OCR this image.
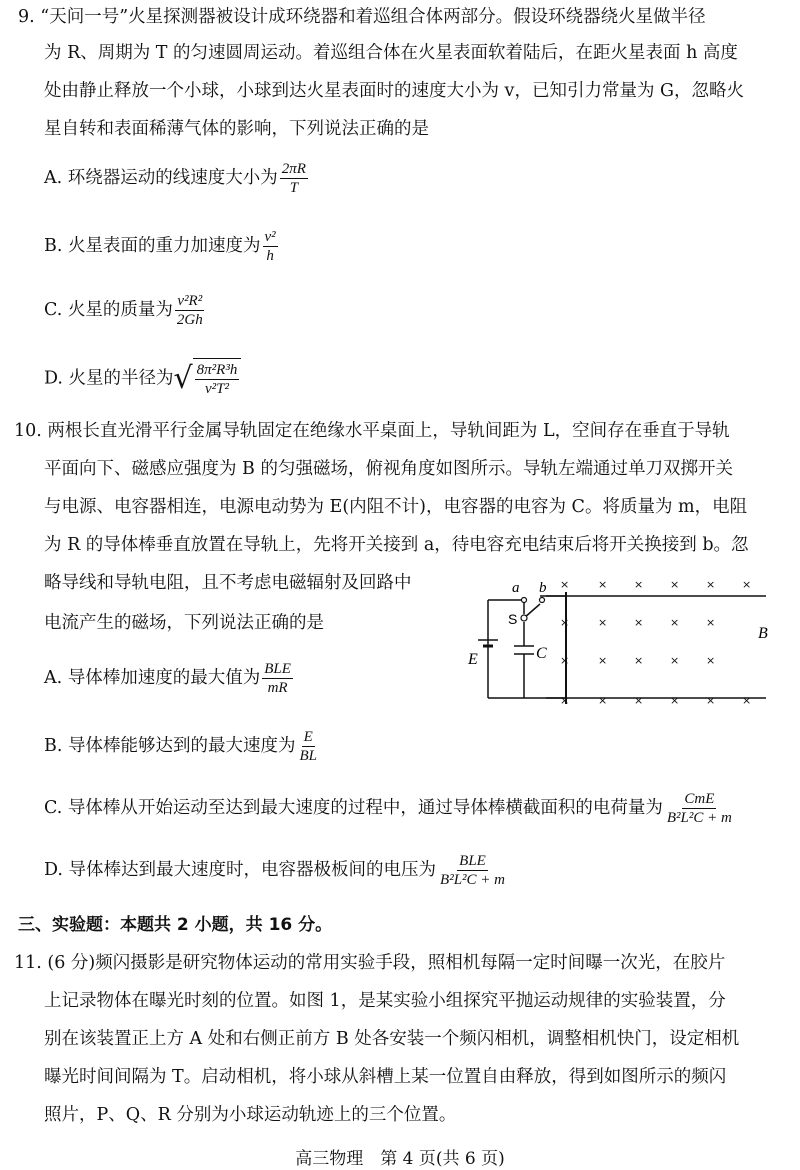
9. “天问一号”火星探测器被设计成环绕器和着巡组合体两部分。假设环绕器绕火星做半径
为 R、周期为 T 的匀速圆周运动。着巡组合体在火星表面软着陆后，在距火星表面 h 高度
处由静止释放一个小球，小球到达火星表面时的速度大小为 v，已知引力常量为 G，忽略火
星自转和表面稀薄气体的影响，下列说法正确的是
A. 环绕器运动的线速度大小为 $\frac{2\pi R}{T}$
B. 火星表面的重力加速度为 $\frac{\text{v²}}{h}$
C. 火星的质量为 $\frac{\text{v²R²}}{2Gh}$
D. 火星的半径为 √ $\frac{\text{8π²R³h}}{\text{v²T²}}$
10. 两根长直光滑平行金属导轨固定在绝缘水平桌面上，导轨间距为 L，空间存在垂直于导轨
平面向下、磁感应强度为 B 的匀强磁场，俯视角度如图所示。导轨左端通过单刀双掷开关
与电源、电容器相连，电源电动势为 E(内阻不计)，电容器的电容为 C。将质量为 m，电阻
为 R 的导体棒垂直放置在导轨上，先将开关接到 a，待电容充电结束后将开关换接到 b。忽
略导线和导轨电阻，且不考虑电磁辐射及回路中
电流产生的磁场，下列说法正确的是
a b
S
E	C
B
×	× × × × ×
×	× × × ×
×	× × × ×
×	× × × × ×
A. 导体棒加速度的最大值为 $\frac{\text{BLE}}{mR}$
B. 导体棒能够达到的最大速度为 $\frac{E}{BL}$
C. 导体棒从开始运动至达到最大速度的过程中，通过导体棒横截面积的电荷量为 $\frac{\text{CmE}}{\text{B²L²C + m}}$
D. 导体棒达到最大速度时，电容器极板间的电压为 $\frac{\text{BLE}}{\text{B²L²C + m}}$
三、实验题：本题共 2 小题，共 16 分。
11. (6 分)频闪摄影是研究物体运动的常用实验手段，照相机每隔一定时间曝一次光，在胶片
上记录物体在曝光时刻的位置。如图 1，是某实验小组探究平抛运动规律的实验装置，分
别在该装置正上方 A 处和右侧正前方 B 处各安装一个频闪相机，调整相机快门，设定相机
曝光时间间隔为 T。启动相机，将小球从斜槽上某一位置自由释放，得到如图所示的频闪
照片，P、Q、R 分别为小球运动轨迹上的三个位置。
高三物理　第 4 页(共 6 页)
